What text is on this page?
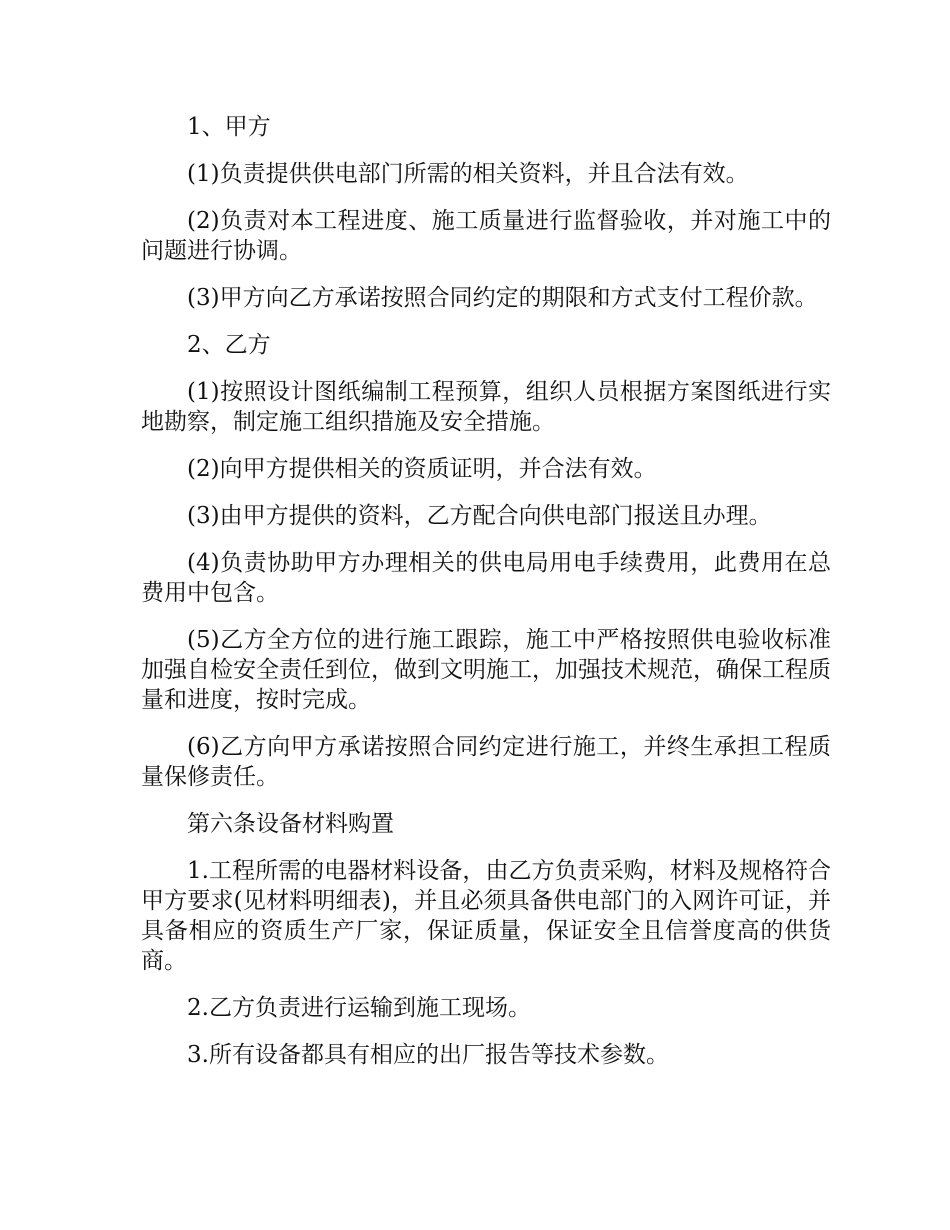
1、甲方

(1)负责提供供电部门所需的相关资料，并且合法有效。

(2)负责对本工程进度、施工质量进行监督验收，并对施工中的问题进行协调。

(3)甲方向乙方承诺按照合同约定的期限和方式支付工程价款。

2、乙方

(1)按照设计图纸编制工程预算，组织人员根据方案图纸进行实地勘察，制定施工组织措施及安全措施。

(2)向甲方提供相关的资质证明，并合法有效。

(3)由甲方提供的资料，乙方配合向供电部门报送且办理。

(4)负责协助甲方办理相关的供电局用电手续费用，此费用在总费用中包含。

(5)乙方全方位的进行施工跟踪，施工中严格按照供电验收标准加强自检安全责任到位，做到文明施工，加强技术规范，确保工程质量和进度，按时完成。

(6)乙方向甲方承诺按照合同约定进行施工，并终生承担工程质量保修责任。

第六条设备材料购置

1.工程所需的电器材料设备，由乙方负责采购，材料及规格符合甲方要求(见材料明细表)，并且必须具备供电部门的入网许可证，并具备相应的资质生产厂家，保证质量，保证安全且信誉度高的供货商。

2.乙方负责进行运输到施工现场。

3.所有设备都具有相应的出厂报告等技术参数。
